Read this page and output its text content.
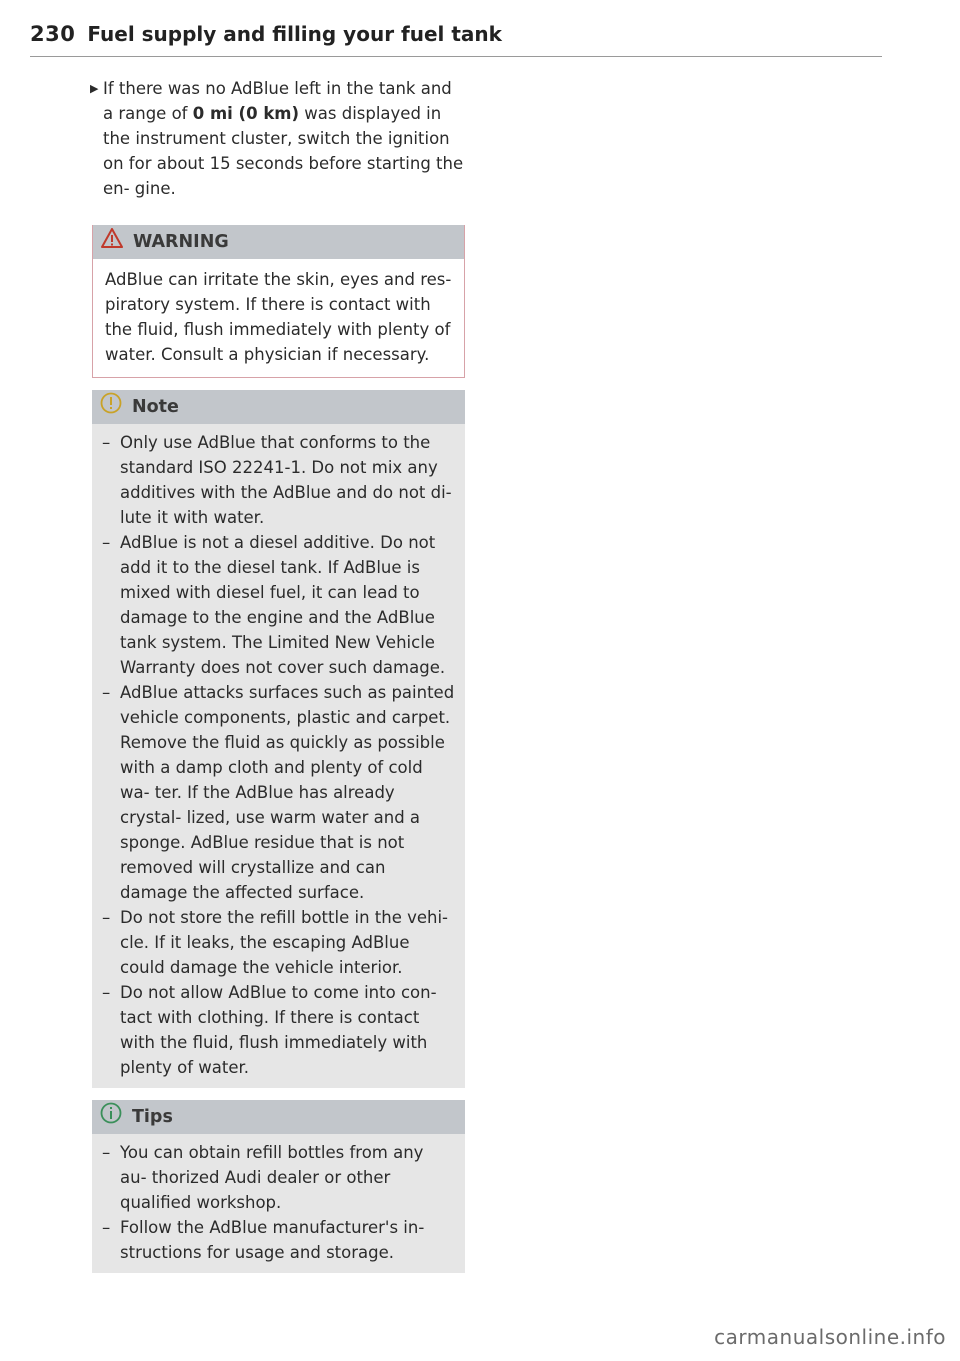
230 Fuel supply and filling your fuel tank

▶ If there was no AdBlue left in the tank and a range of 0 mi (0 km) was displayed in the instrument cluster, switch the ignition on for about 15 seconds before starting the en- gine.

WARNING
AdBlue can irritate the skin, eyes and res- piratory system. If there is contact with the fluid, flush immediately with plenty of water. Consult a physician if necessary.
Note
– Only use AdBlue that conforms to the standard ISO 22241-1. Do not mix any additives with the AdBlue and do not di- lute it with water.
– AdBlue is not a diesel additive. Do not add it to the diesel tank. If AdBlue is mixed with diesel fuel, it can lead to damage to the engine and the AdBlue tank system. The Limited New Vehicle Warranty does not cover such damage.
– AdBlue attacks surfaces such as painted vehicle components, plastic and carpet. Remove the fluid as quickly as possible with a damp cloth and plenty of cold wa- ter. If the AdBlue has already crystal- lized, use warm water and a sponge. AdBlue residue that is not removed will crystallize and can damage the affected surface.
– Do not store the refill bottle in the vehi- cle. If it leaks, the escaping AdBlue could damage the vehicle interior.
– Do not allow AdBlue to come into con- tact with clothing. If there is contact with the fluid, flush immediately with plenty of water.
Tips
– You can obtain refill bottles from any au- thorized Audi dealer or other qualified workshop.
– Follow the AdBlue manufacturer's in- structions for usage and storage.
carmanualsonline.info
